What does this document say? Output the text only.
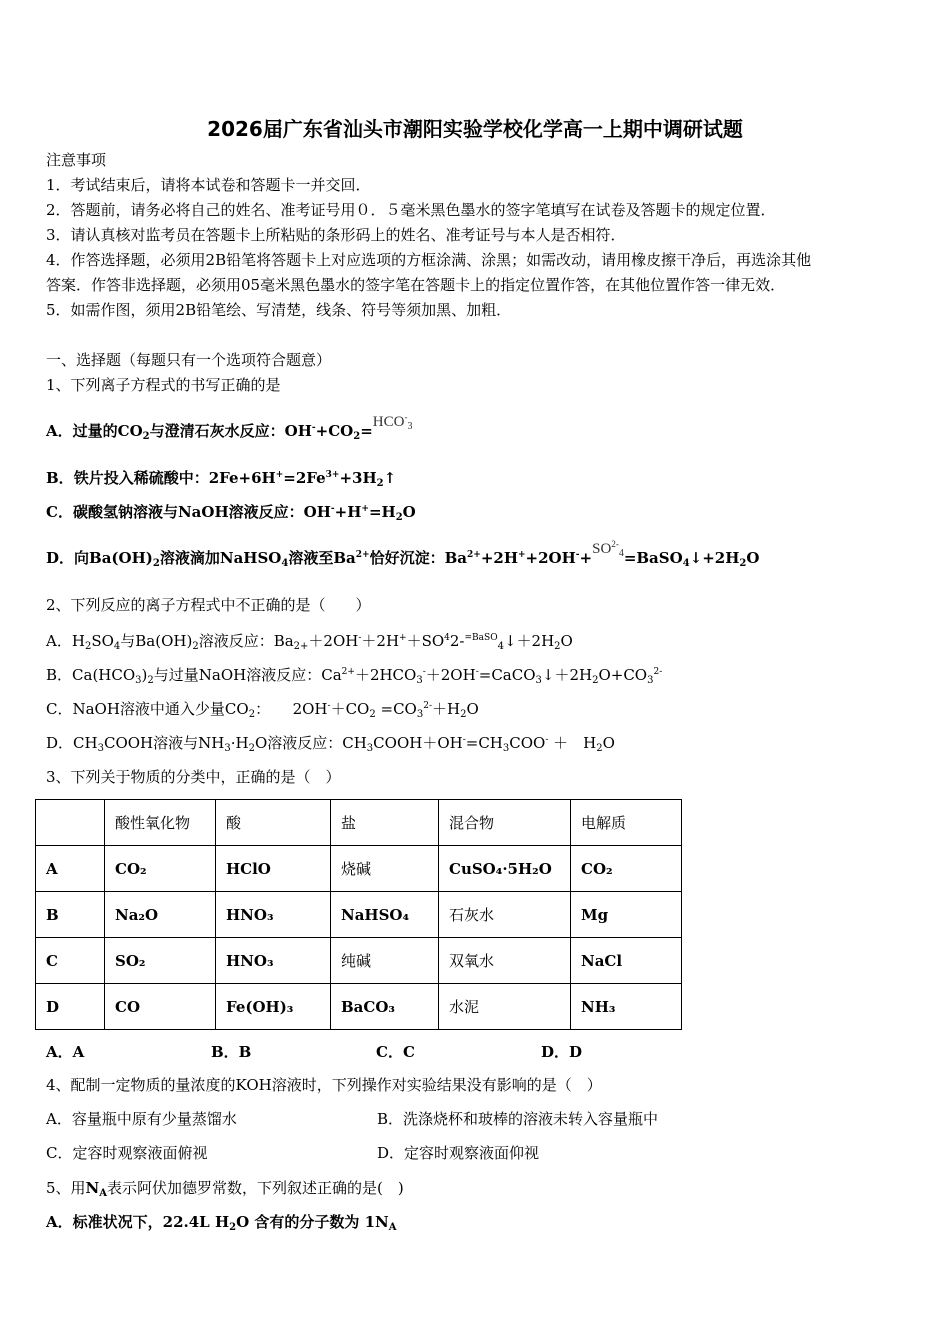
2026届广东省汕头市潮阳实验学校化学高一上期中调研试题
注意事项
1．考试结束后，请将本试卷和答题卡一并交回．
2．答题前，请务必将自己的姓名、准考证号用０．５毫米黑色墨水的签字笔填写在试卷及答题卡的规定位置．
3．请认真核对监考员在答题卡上所粘贴的条形码上的姓名、准考证号与本人是否相符．
4．作答选择题，必须用2B铅笔将答题卡上对应选项的方框涂满、涂黑；如需改动，请用橡皮擦干净后，再选涂其他
答案．作答非选择题，必须用05毫米黑色墨水的签字笔在答题卡上的指定位置作答，在其他位置作答一律无效．
5．如需作图，须用2B铅笔绘、写清楚，线条、符号等须加黑、加粗．
一、选择题（每题只有一个选项符合题意）
1、下列离子方程式的书写正确的是
A．过量的$CO_2$与澄清石灰水反应：$OH^-+CO_2=HCO^-_3$
B．铁片投入稀硫酸中：$2Fe+6H^+=2Fe^{3+}+3H_2↑$
C．碳酸氢钠溶液与NaOH溶液反应：$OH^-+H^+=H_2O$
D．向$Ba(OH)_2$溶液滴加NaHSO$_4$溶液至$Ba^{2+}$恰好沉淀：$Ba^{2+}+2H^++2OH^-+SO^{2-}_4=BaSO_4↓+2H_2O$
2、下列反应的离子方程式中不正确的是（　　）
A．$H_2SO_4$与$Ba(OH)_2$溶液反应：$Ba_{2+}+2OH^-+2H^++SO^42-^{=BaSO}_4↓+2H_2O$
B．$Ca(HCO_3)_2$与过量NaOH溶液反应：$Ca^{2+}+2HCO_3^-+2OH^-=CaCO_3↓+2H_2O+CO_3^{2-}$
C．NaOH溶液中通入少量$CO_2$：　　$2OH^-+CO_2 =CO_3^{2-}+H_2O$
D．$CH_3COOH$溶液与$NH_3\cdot H_2O$溶液反应：$CH_3COOH+OH^-=CH_3COO^-$ ＋　$H_2O$
3、下列关于物质的分类中，正确的是（　）
	酸性氧化物	酸	盐	混合物	电解质
A	CO₂	HClO	烧碱	CuSO₄·5H₂O	CO₂
B	Na₂O	HNO₃	NaHSO₄	石灰水	Mg
C	SO₂	HNO₃	纯碱	双氧水	NaCl
D	CO	Fe(OH)₃	BaCO₃	水泥	NH₃
A．A	B．B	C．C	D．D
4、配制一定物质的量浓度的KOH溶液时，下列操作对实验结果没有影响的是（　）
A．容量瓶中原有少量蒸馏水	B．洗涤烧杯和玻棒的溶液未转入容量瓶中
C．定容时观察液面俯视	D．定容时观察液面仰视
5、用$N_A$表示阿伏加德罗常数，下列叙述正确的是(　)
A．标准状况下，22.4L $H_2O$ 含有的分子数为 $1N_A$
